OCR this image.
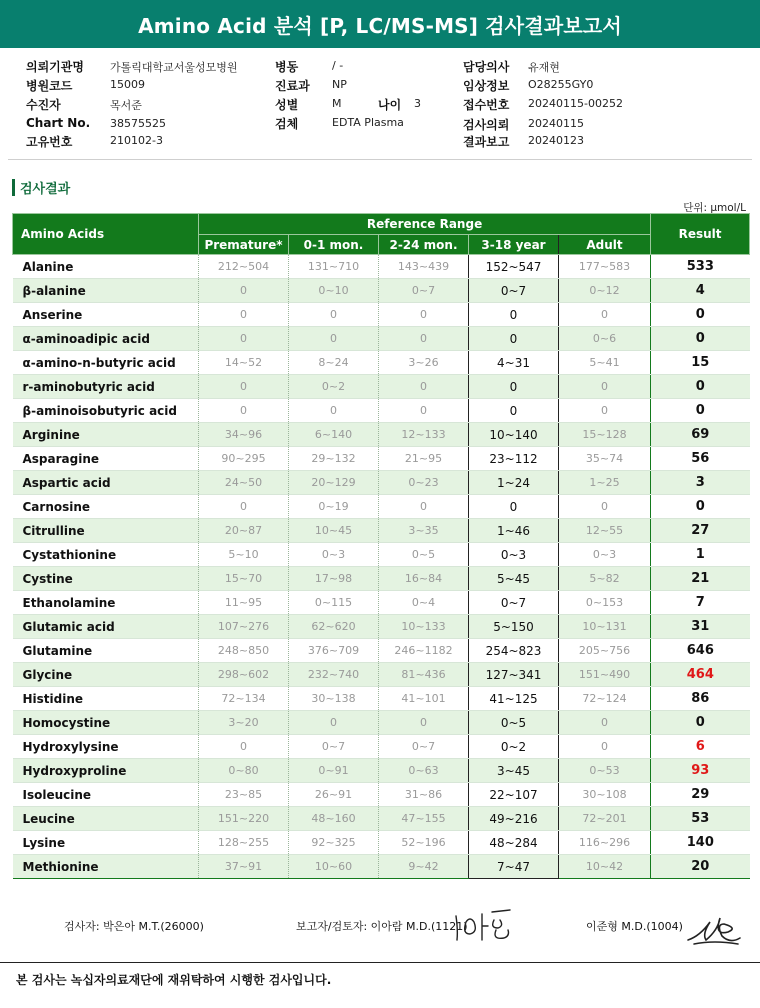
Amino Acid 분석 [P, LC/MS-MS] 검사결과보고서
의뢰기관명 가톨릭대학교서울성모병원
병원코드	15009
수진자	목서준
Chart No. 38575525
고유번호	210102-3
병동	/ -
진료과 NP
성별	M	나이 3
검체	EDTA Plasma
담당의사 유재현
임상정보 O28255GY0
접수번호 20240115-00252
검사의뢰 20240115
결과보고 20240123
검사결과
단위: μmol/L
Amino Acids	Reference Range					Result
	Premature*	0-1 mon.	2-24 mon.	3-18 year	Adult	
Alanine	212~504	131~710	143~439	152~547	177~583	533
β-alanine	0	0~10	0~7	0~7	0~12	4
Anserine	0	0	0	0	0	0
α-aminoadipic acid	0	0	0	0	0~6	0
α-amino-n-butyric acid	14~52	8~24	3~26	4~31	5~41	15
r-aminobutyric acid	0	0~2	0	0	0	0
β-aminoisobutyric acid	0	0	0	0	0	0
Arginine	34~96	6~140	12~133	10~140	15~128	69
Asparagine	90~295	29~132	21~95	23~112	35~74	56
Aspartic acid	24~50	20~129	0~23	1~24	1~25	3
Carnosine	0	0~19	0	0	0	0
Citrulline	20~87	10~45	3~35	1~46	12~55	27
Cystathionine	5~10	0~3	0~5	0~3	0~3	1
Cystine	15~70	17~98	16~84	5~45	5~82	21
Ethanolamine	11~95	0~115	0~4	0~7	0~153	7
Glutamic acid	107~276	62~620	10~133	5~150	10~131	31
Glutamine	248~850	376~709	246~1182	254~823	205~756	646
Glycine	298~602	232~740	81~436	127~341	151~490	464
Histidine	72~134	30~138	41~101	41~125	72~124	86
Homocystine	3~20	0	0	0~5	0	0
Hydroxylysine	0	0~7	0~7	0~2	0	6
Hydroxyproline	0~80	0~91	0~63	3~45	0~53	93
Isoleucine	23~85	26~91	31~86	22~107	30~108	29
Leucine	151~220	48~160	47~155	49~216	72~201	53
Lysine	128~255	92~325	52~196	48~284	116~296	140
Methionine	37~91	10~60	9~42	7~47	10~42	20
검사자: 박은아 M.T.(26000)	보고자/검토자: 이아람 M.D.(1121)	이준형 M.D.(1004)
본 검사는 녹십자의료재단에 재위탁하여 시행한 검사입니다.
